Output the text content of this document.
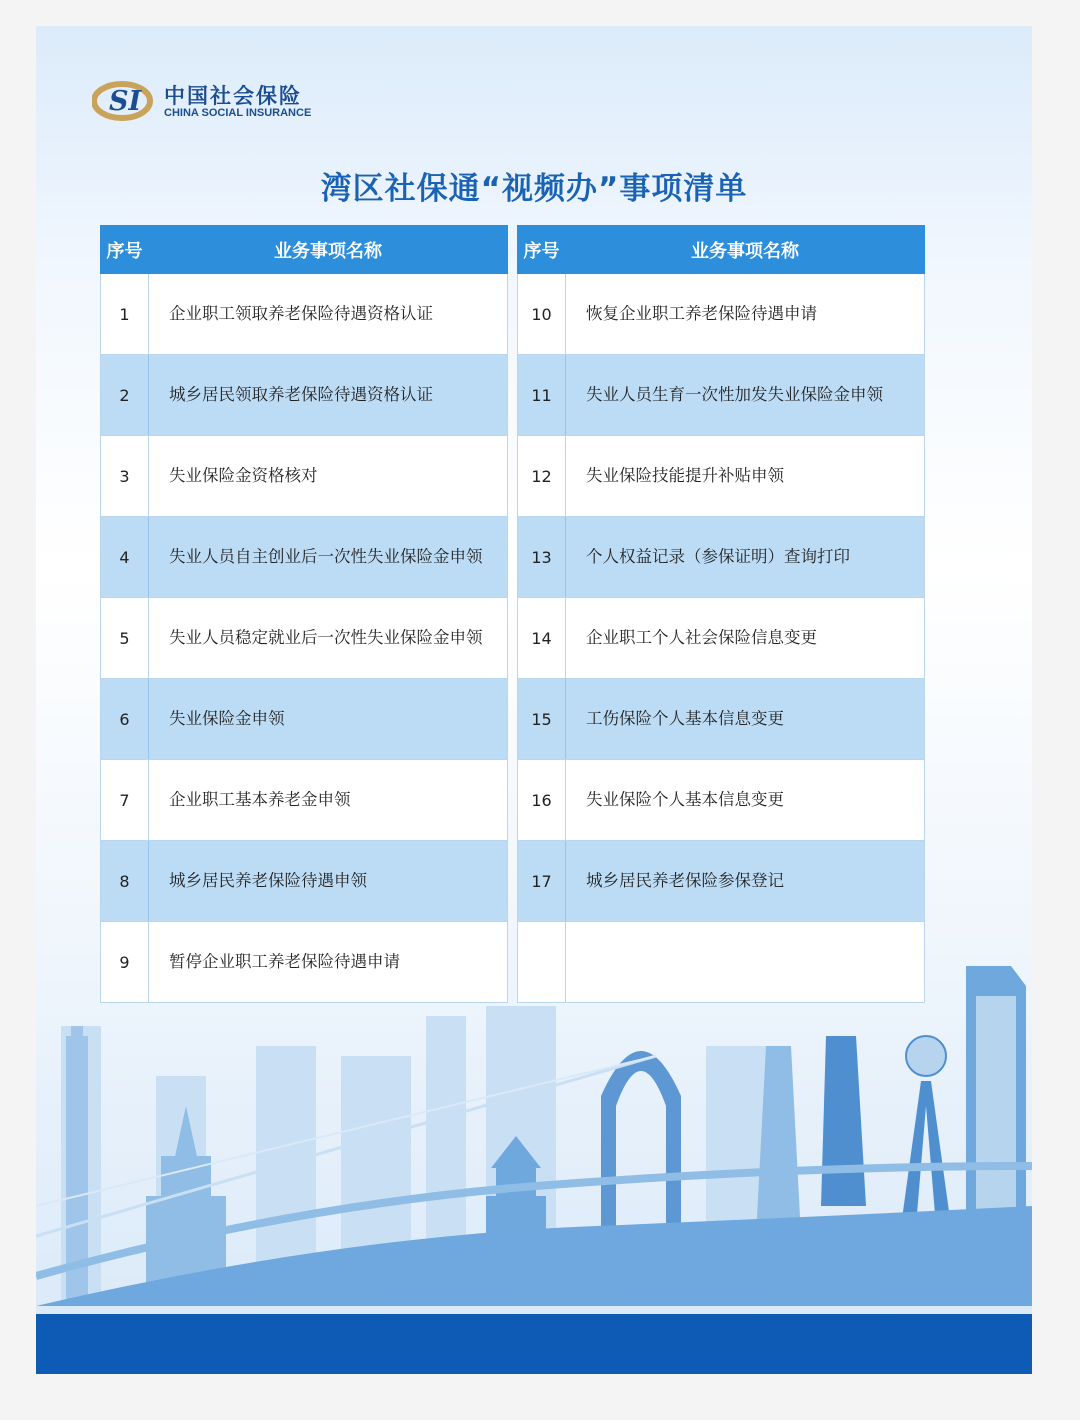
SI 中国社会保险
CHINA SOCIAL INSURANCE
湾区社保通“视频办”事项清单
序号	业务事项名称
1	企业职工领取养老保险待遇资格认证
2	城乡居民领取养老保险待遇资格认证
3	失业保险金资格核对
4	失业人员自主创业后一次性失业保险金申领
5	失业人员稳定就业后一次性失业保险金申领
6	失业保险金申领
7	企业职工基本养老金申领
8	城乡居民养老保险待遇申领
9	暂停企业职工养老保险待遇申请
序号	业务事项名称
10	恢复企业职工养老保险待遇申请
11	失业人员生育一次性加发失业保险金申领
12	失业保险技能提升补贴申领
13	个人权益记录（参保证明）查询打印
14	企业职工个人社会保险信息变更
15	工伤保险个人基本信息变更
16	失业保险个人基本信息变更
17	城乡居民养老保险参保登记
